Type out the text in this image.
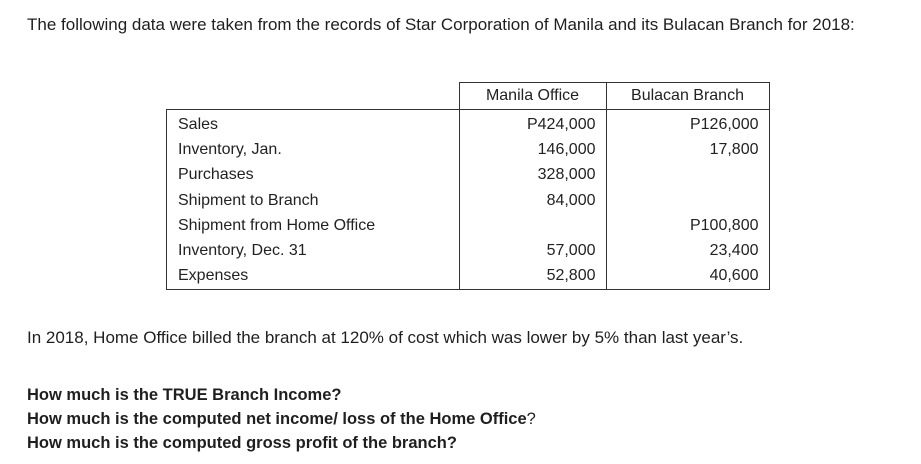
The following data were taken from the records of Star Corporation of Manila and its Bulacan Branch for 2018:

	Manila Office	Bulacan Branch
Sales	P424,000	P126,000
Inventory, Jan.	146,000	17,800
Purchases	328,000	
Shipment to Branch	84,000	
Shipment from Home Office		P100,800
Inventory, Dec. 31	57,000	23,400
Expenses	52,800	40,600

In 2018, Home Office billed the branch at 120% of cost which was lower by 5% than last year’s.

How much is the TRUE Branch Income?
How much is the computed net income/ loss of the Home Office?
How much is the computed gross profit of the branch?
